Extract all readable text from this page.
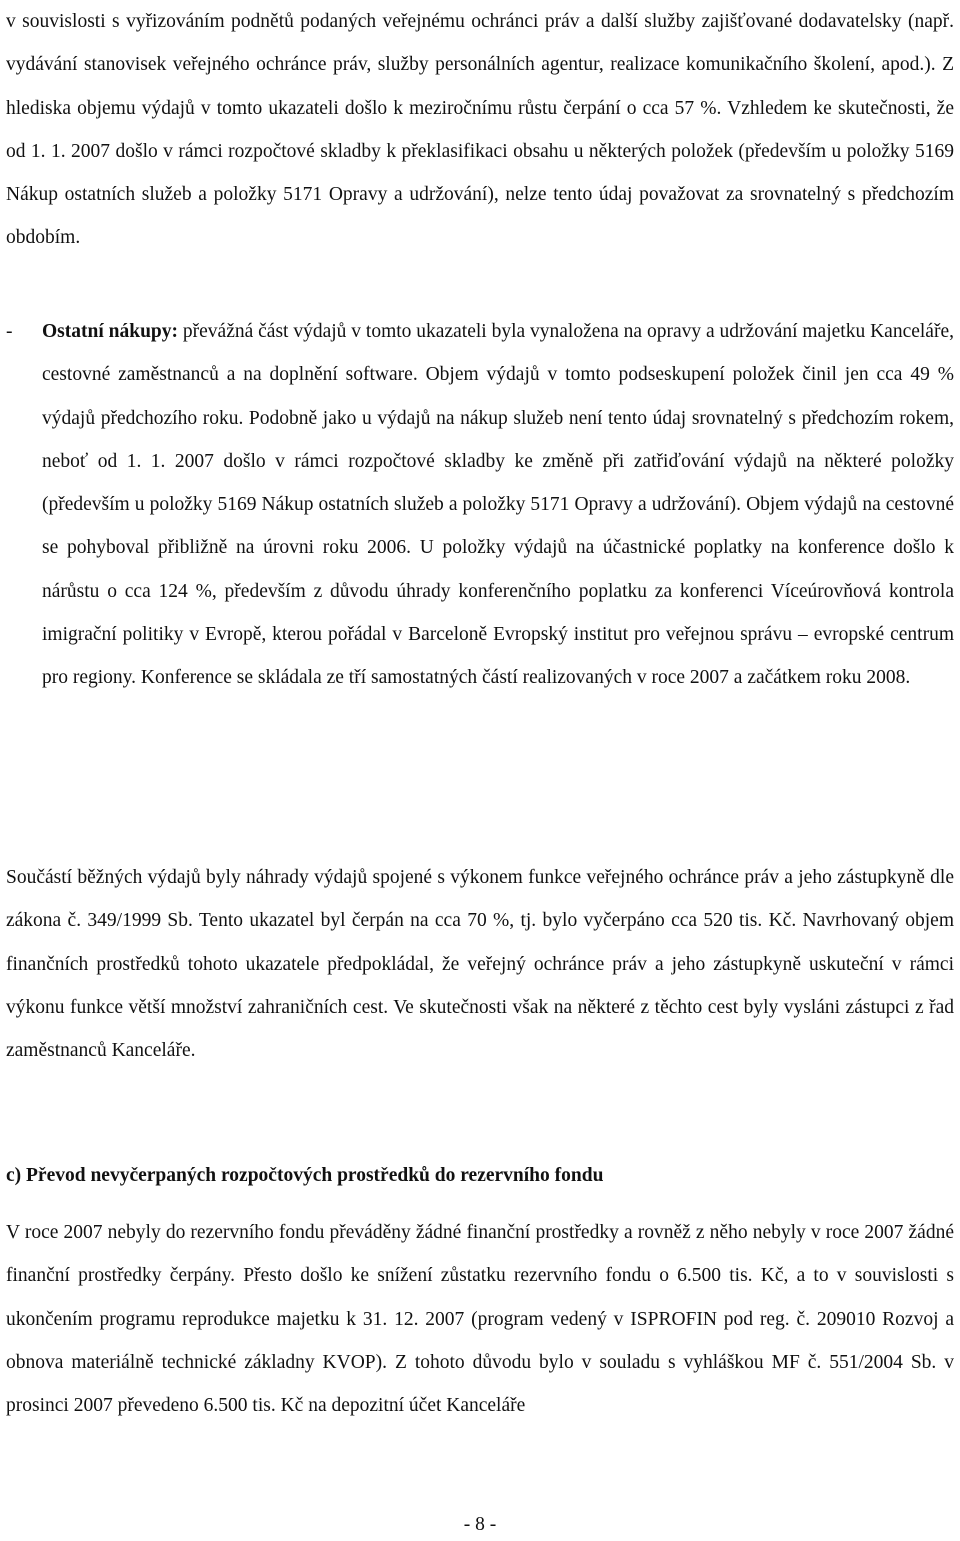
v souvislosti s vyřizováním podnětů podaných veřejnému ochránci práv a další služby zajišťované dodavatelsky (např. vydávání stanovisek veřejného ochránce práv, služby personálních agentur, realizace komunikačního školení, apod.). Z hlediska objemu výdajů v tomto ukazateli došlo k meziročnímu růstu čerpání o cca 57 %. Vzhledem ke skutečnosti, že od 1. 1. 2007 došlo v rámci rozpočtové skladby k překlasifikaci obsahu u některých položek (především u položky 5169 Nákup ostatních služeb a položky 5171 Opravy a udržování), nelze tento údaj považovat za srovnatelný s předchozím obdobím.

- Ostatní nákupy: převážná část výdajů v tomto ukazateli byla vynaložena na opravy a udržování majetku Kanceláře, cestovné zaměstnanců a na doplnění software. Objem výdajů v tomto podseskupení položek činil jen cca 49 % výdajů předchozího roku. Podobně jako u výdajů na nákup služeb není tento údaj srovnatelný s předchozím rokem, neboť od 1. 1. 2007 došlo v rámci rozpočtové skladby ke změně při zatřiďování výdajů na některé položky (především u položky 5169 Nákup ostatních služeb a položky 5171 Opravy a udržování). Objem výdajů na cestovné se pohyboval přibližně na úrovni roku 2006. U položky výdajů na účastnické poplatky na konference došlo k nárůstu o cca 124 %, především z důvodu úhrady konferenčního poplatku za konferenci Víceúrovňová kontrola imigrační politiky v Evropě, kterou pořádal v Barceloně Evropský institut pro veřejnou správu – evropské centrum pro regiony. Konference se skládala ze tří samostatných částí realizovaných v roce 2007 a začátkem roku 2008.

Součástí běžných výdajů byly náhrady výdajů spojené s výkonem funkce veřejného ochránce práv a jeho zástupkyně dle zákona č. 349/1999 Sb. Tento ukazatel byl čerpán na cca 70 %, tj. bylo vyčerpáno cca 520 tis. Kč. Navrhovaný objem finančních prostředků tohoto ukazatele předpokládal, že veřejný ochránce práv a jeho zástupkyně uskuteční v rámci výkonu funkce větší množství zahraničních cest. Ve skutečnosti však na některé z těchto cest byly vysláni zástupci z řad zaměstnanců Kanceláře.

c) Převod nevyčerpaných rozpočtových prostředků do rezervního fondu

V roce 2007 nebyly do rezervního fondu převáděny žádné finanční prostředky a rovněž z něho nebyly v roce 2007 žádné finanční prostředky čerpány. Přesto došlo ke snížení zůstatku rezervního fondu o 6.500 tis. Kč, a to v souvislosti s ukončením programu reprodukce majetku k 31. 12. 2007 (program vedený v ISPROFIN pod reg. č. 209010 Rozvoj a obnova materiálně technické základny KVOP). Z tohoto důvodu bylo v souladu s vyhláškou MF č. 551/2004 Sb. v prosinci 2007 převedeno 6.500 tis. Kč na depozitní účet Kanceláře

- 8 -
